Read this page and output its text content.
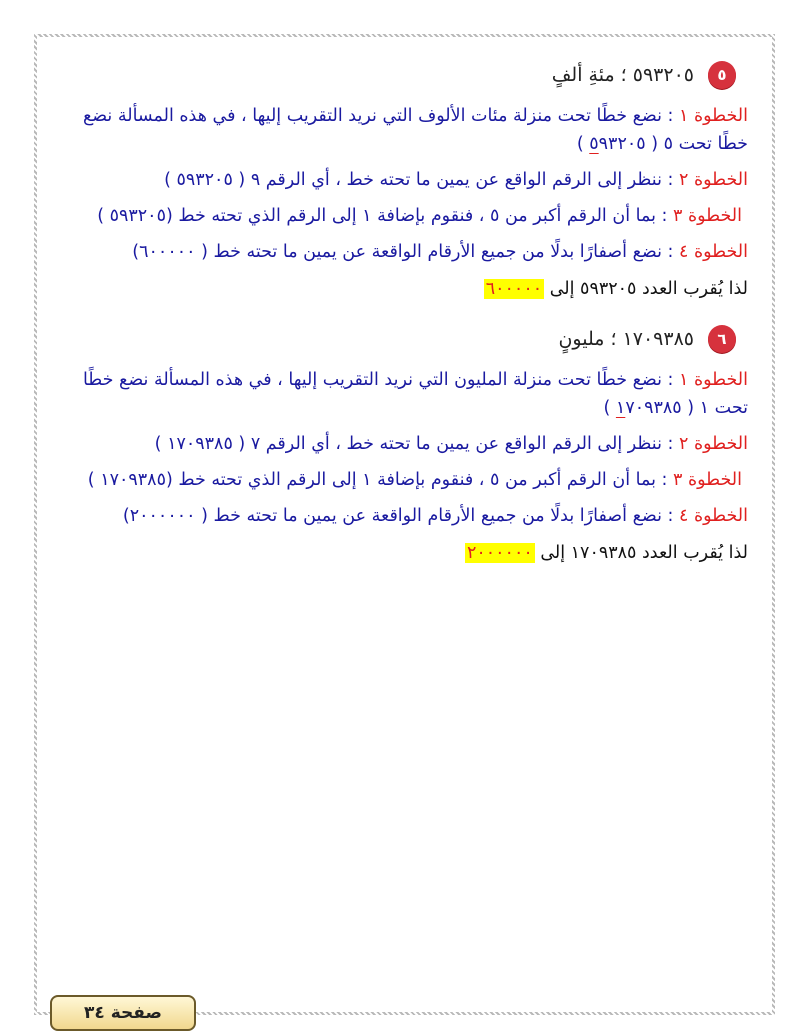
٥
٥٩٣٢٠٥ ؛ مئةِ ألفٍ
الخطوة ١ : نضع خطًا تحت منزلة مئات الألوف التي نريد التقريب إليها ، في هذه المسألة نضع خطًا تحت ٥ ( ٥٩٣٢٠٥ )
الخطوة ٢ : ننظر إلى الرقم الواقع عن يمين ما تحته خط ، أي الرقم ٩ ( ٥٩٣٢٠٥ )
الخطوة ٣ : بما أن الرقم أكبر من ٥ ، فنقوم بإضافة ١ إلى الرقم الذي تحته خط (٥٩٣٢٠٥ )
الخطوة ٤ : نضع أصفارًا بدلًا من جميع الأرقام الواقعة عن يمين ما تحته خط ( ٦٠٠٠٠٠)
لذا يُقرب العدد ٥٩٣٢٠٥ إلى ٦٠٠٠٠٠
٦
١٧٠٩٣٨٥ ؛ مليونٍ
الخطوة ١ : نضع خطًا تحت منزلة المليون التي نريد التقريب إليها ، في هذه المسألة نضع خطًا تحت ١ ( ١٧٠٩٣٨٥ )
الخطوة ٢ : ننظر إلى الرقم الواقع عن يمين ما تحته خط ، أي الرقم ٧ ( ١٧٠٩٣٨٥ )
الخطوة ٣ : بما أن الرقم أكبر من ٥ ، فنقوم بإضافة ١ إلى الرقم الذي تحته خط (١٧٠٩٣٨٥ )
الخطوة ٤ : نضع أصفارًا بدلًا من جميع الأرقام الواقعة عن يمين ما تحته خط ( ٢٠٠٠٠٠٠)
لذا يُقرب العدد ١٧٠٩٣٨٥ إلى ٢٠٠٠٠٠٠
صفحة ٣٤
